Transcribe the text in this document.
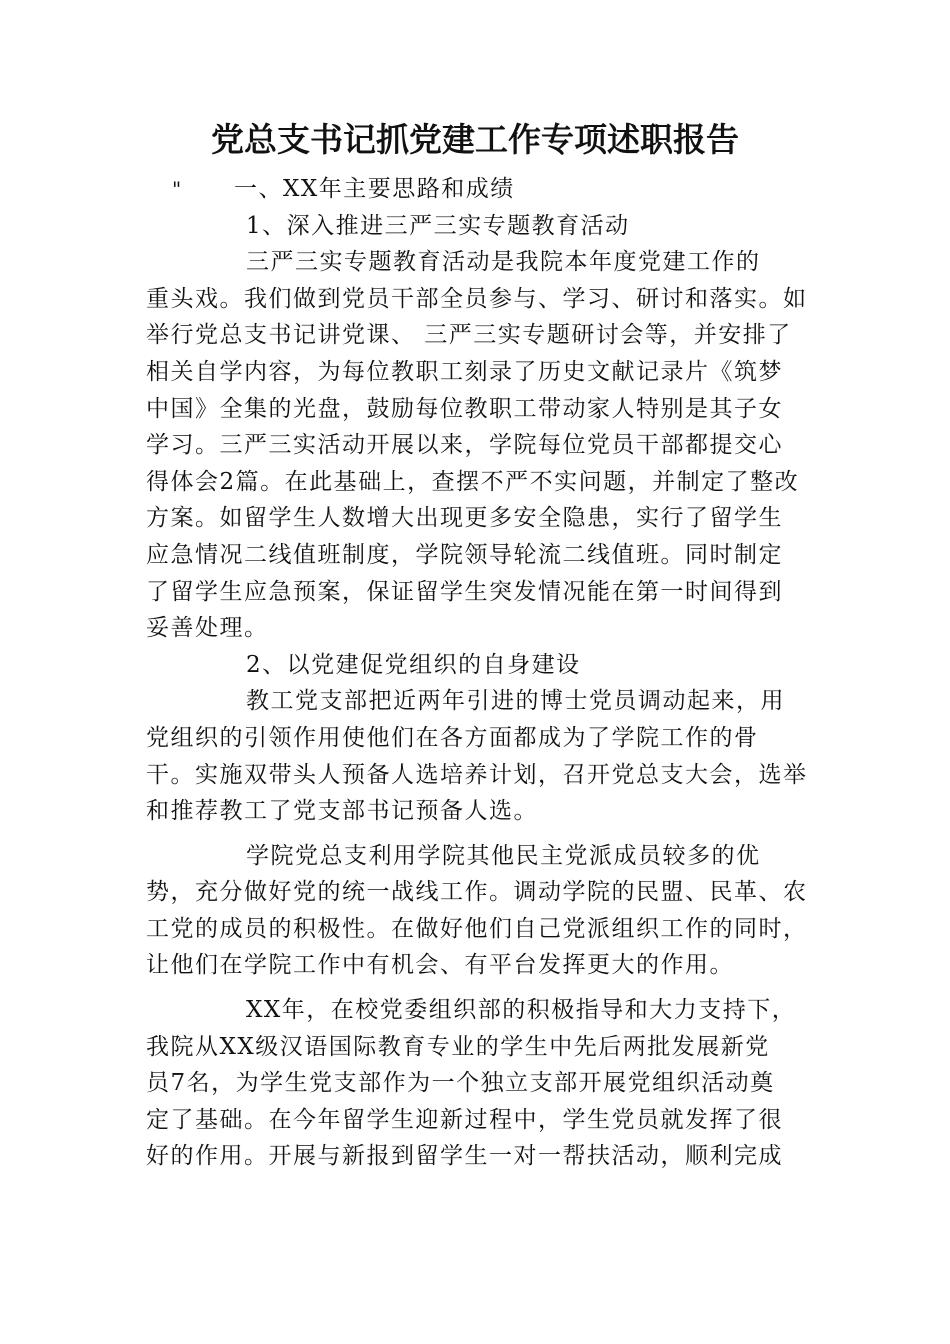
党总支书记抓党建工作专项述职报告
" 一、XX年主要思路和成绩
1、深入推进三严三实专题教育活动
三严三实专题教育活动是我院本年度党建工作的
重头戏。我们做到党员干部全员参与、学习、研讨和落实。如
举行党总支书记讲党课、 三严三实专题研讨会等，并安排了
相关自学内容，为每位教职工刻录了历史文献记录片《筑梦
中国》全集的光盘，鼓励每位教职工带动家人特别是其子女
学习。三严三实活动开展以来，学院每位党员干部都提交心
得体会2篇。在此基础上，查摆不严不实问题，并制定了整改
方案。如留学生人数增大出现更多安全隐患，实行了留学生
应急情况二线值班制度，学院领导轮流二线值班。同时制定
了留学生应急预案，保证留学生突发情况能在第一时间得到
妥善处理。
2、以党建促党组织的自身建设
教工党支部把近两年引进的博士党员调动起来，用
党组织的引领作用使他们在各方面都成为了学院工作的骨
干。实施双带头人预备人选培养计划，召开党总支大会，选举
和推荐教工了党支部书记预备人选。
学院党总支利用学院其他民主党派成员较多的优
势，充分做好党的统一战线工作。调动学院的民盟、民革、农
工党的成员的积极性。在做好他们自己党派组织工作的同时，
让他们在学院工作中有机会、有平台发挥更大的作用。
XX年，在校党委组织部的积极指导和大力支持下，
我院从XX级汉语国际教育专业的学生中先后两批发展新党
员7名，为学生党支部作为一个独立支部开展党组织活动奠
定了基础。在今年留学生迎新过程中，学生党员就发挥了很
好的作用。开展与新报到留学生一对一帮扶活动，顺利完成
